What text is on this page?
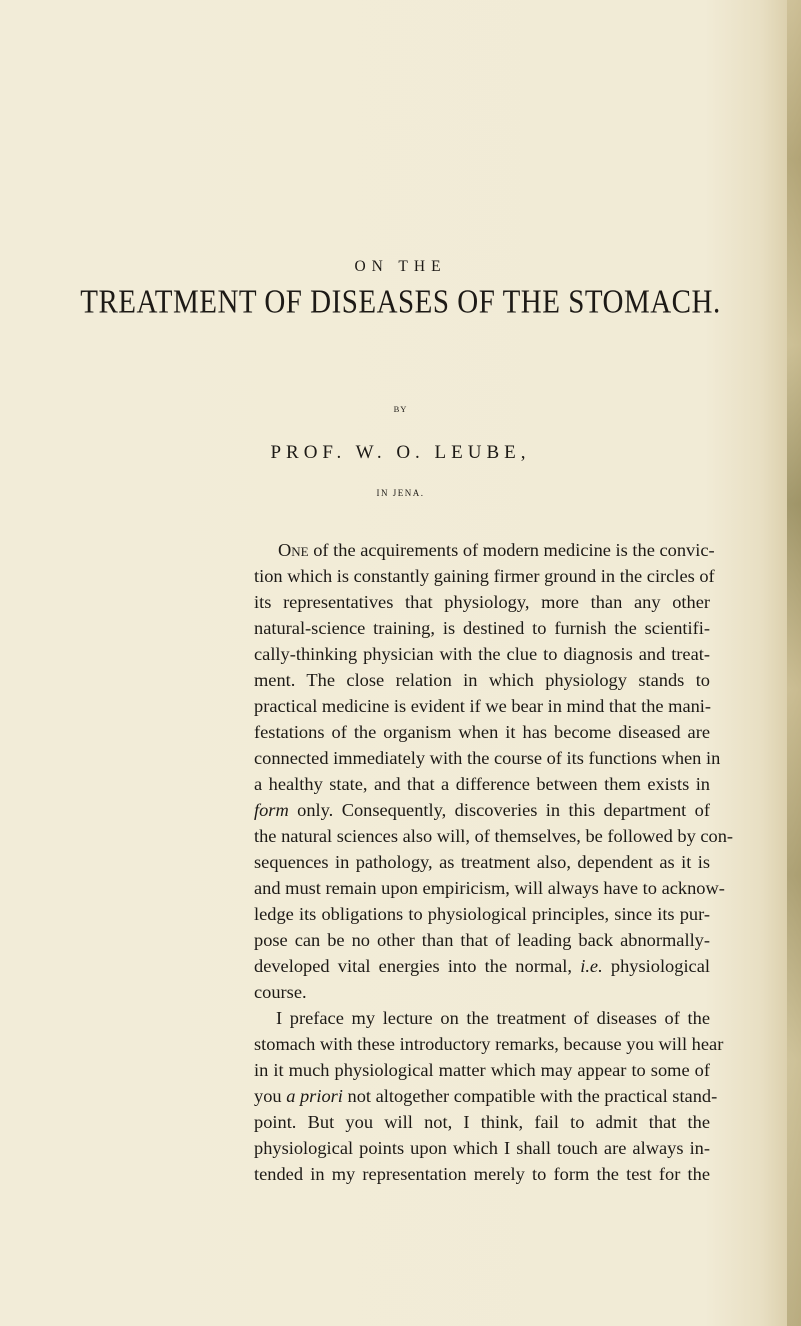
ON THE
TREATMENT OF DISEASES OF THE STOMACH.
BY
PROF. W. O. LEUBE,
IN JENA.
One of the acquirements of modern medicine is the convic-
tion which is constantly gaining firmer ground in the circles of
its representatives that physiology, more than any other
natural-science training, is destined to furnish the scientifi-
cally-thinking physician with the clue to diagnosis and treat-
ment. The close relation in which physiology stands to
practical medicine is evident if we bear in mind that the mani-
festations of the organism when it has become diseased are
connected immediately with the course of its functions when in
a healthy state, and that a difference between them exists in
form only. Consequently, discoveries in this department of
the natural sciences also will, of themselves, be followed by con-
sequences in pathology, as treatment also, dependent as it is
and must remain upon empiricism, will always have to acknow-
ledge its obligations to physiological principles, since its pur-
pose can be no other than that of leading back abnormally-
developed vital energies into the normal, i.e. physiological
course.
I preface my lecture on the treatment of diseases of the
stomach with these introductory remarks, because you will hear
in it much physiological matter which may appear to some of
you a priori not altogether compatible with the practical stand-
point. But you will not, I think, fail to admit that the
physiological points upon which I shall touch are always in-
tended in my representation merely to form the test for the
